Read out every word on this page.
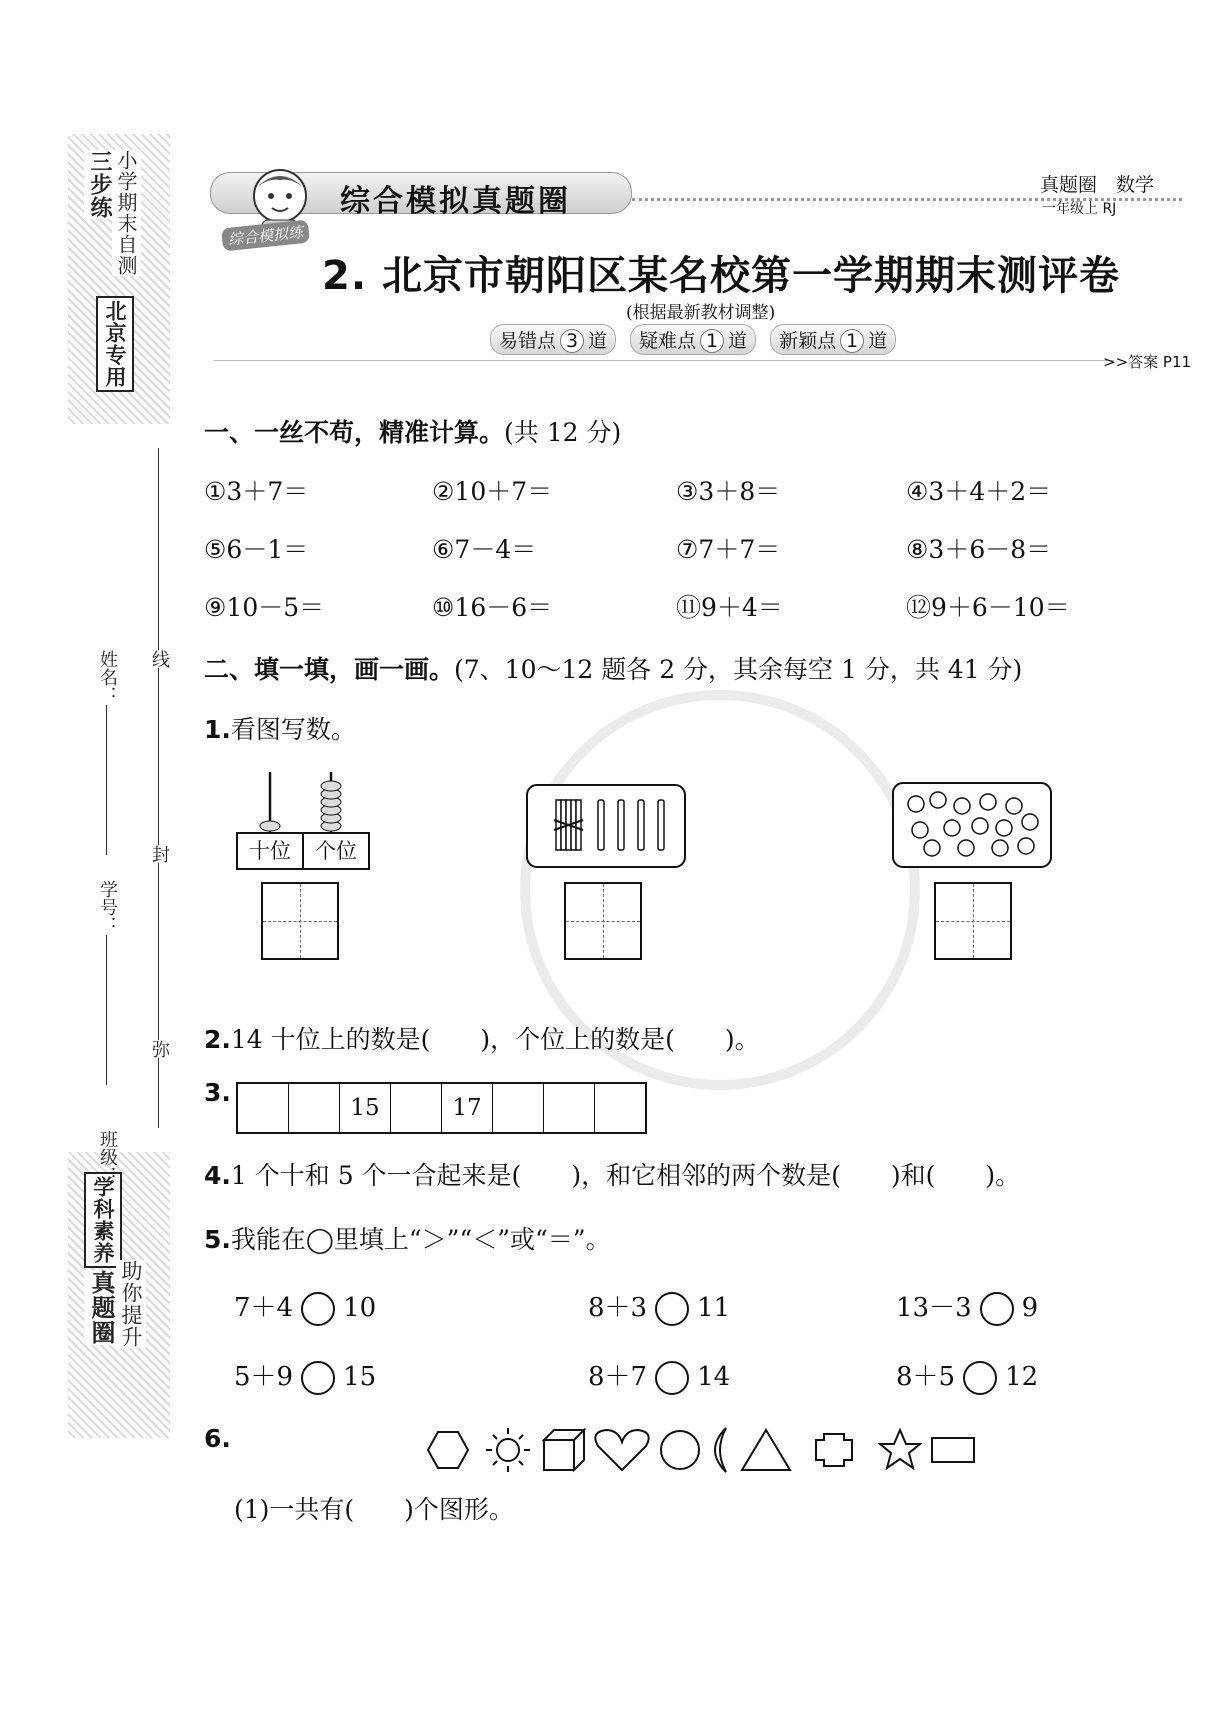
三步练 小学期末自测
北京专用
学科素养
真题圈 助你提升
姓名：
学号：
班级：
线
封
弥
综合模拟练
综合模拟真题圈	真题圈　数学
一年级上 RJ
2. 北京市朝阳区某名校第一学期期末测评卷
(根据最新教材调整)
易错点 3 道 疑难点 1 道 新颖点 1 道
>>答案 P11
一、一丝不苟，精准计算。(共 12 分)
①3＋7＝	②10＋7＝	③3＋8＝	④3＋4＋2＝
⑤6－1＝	⑥7－4＝	⑦7＋7＝	⑧3＋6－8＝
⑨10－5＝	⑩16－6＝	⑪9＋4＝	⑫9＋6－10＝
二、填一填，画一画。(7、10～12 题各 2 分，其余每空 1 分，共 41 分)
1.看图写数。
十位	个位
2.14 十位上的数是(　　)，个位上的数是(　　)。
3.
15	17
4.1 个十和 5 个一合起来是(　　)，和它相邻的两个数是(　　)和(　　)。
5.我能在◯里填上“＞”“＜”或“＝”。
7＋4 10	8＋3 11	13－3 9
5＋9 15	8＋7 14	8＋5 12
6.
(1)一共有(　　)个图形。
